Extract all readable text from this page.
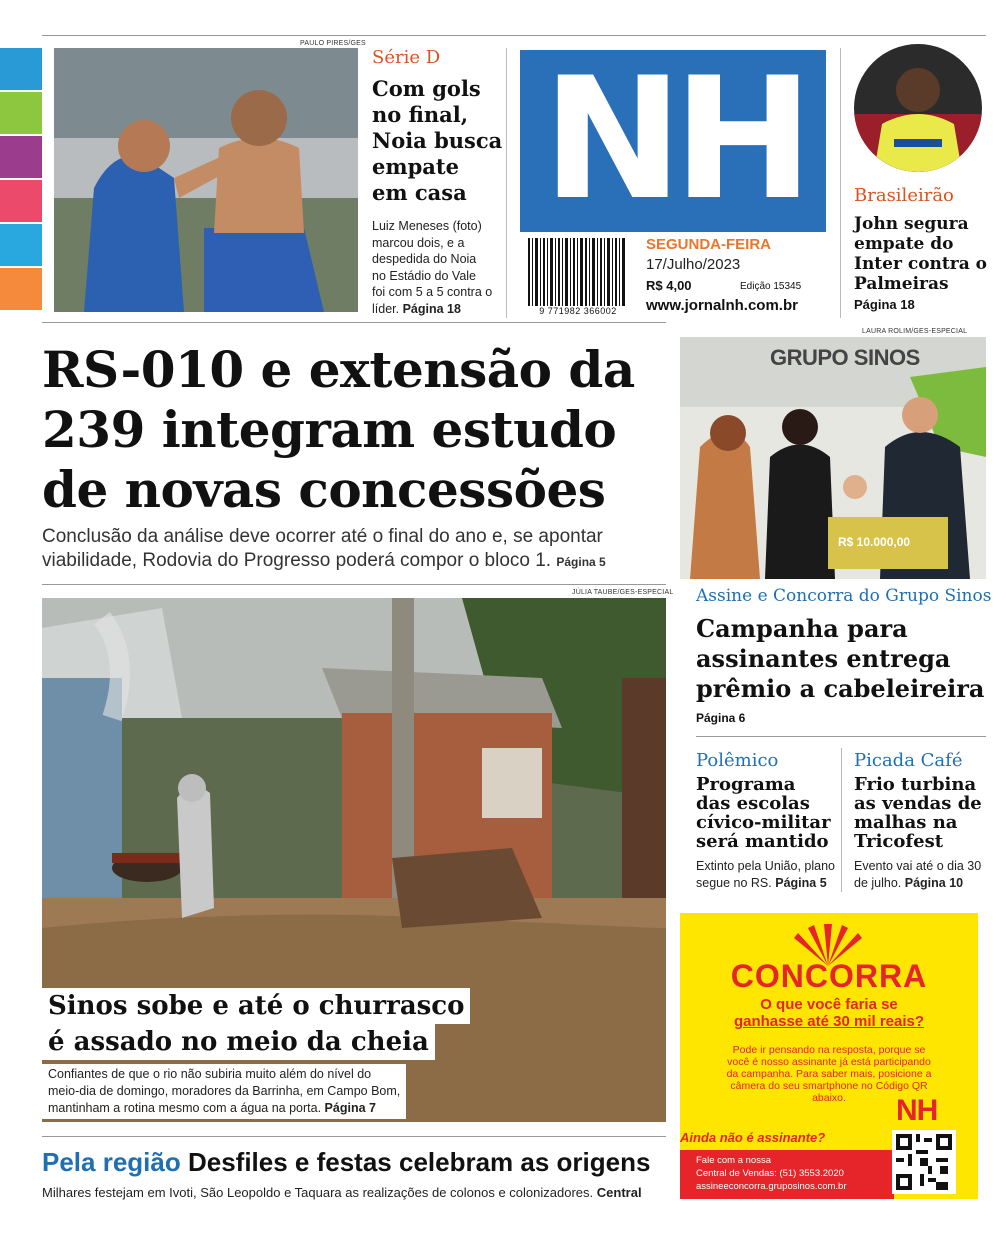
PAULO PIRES/GES
Série D
Com gols
no final,
Noia busca
empate
em casa
Luiz Meneses (foto)
marcou dois, e a
despedida do Noia
no Estádio do Vale
foi com 5 a 5 contra o
líder. Página 18
NH
9 771982 366002
SEGUNDA-FEIRA
17/Julho/2023
R$ 4,00	Edição 15345
www.jornalnh.com.br
Brasileirão
John segura
empate do
Inter contra o
Palmeiras
Página 18
RS-010 e extensão da
239 integram estudo
de novas concessões
Conclusão da análise deve ocorrer até o final do ano e, se apontar
viabilidade, Rodovia do Progresso poderá compor o bloco 1. Página 5
JÚLIA TAUBE/GES-ESPECIAL
Sinos sobe e até o churrasco
é assado no meio da cheia
Confiantes de que o rio não subiria muito além do nível do
meio-dia de domingo, moradores da Barrinha, em Campo Bom,
mantinham a rotina mesmo com a água na porta. Página 7
Pela região Desfiles e festas celebram as origens
Milhares festejam em Ivoti, São Leopoldo e Taquara as realizações de colonos e colonizadores. Central
LAURA ROLIM/GES-ESPECIAL
GRUPO SINOS
R$ 10.000,00
Assine e Concorra do Grupo Sinos
Campanha para
assinantes entrega
prêmio a cabeleireira
Página 6
Polêmico
Programa
das escolas
cívico-militar
será mantido
Extinto pela União, plano
segue no RS. Página 5
Picada Café
Frio turbina
as vendas de
malhas na
Tricofest
Evento vai até o dia 30
de julho. Página 10
CONCORRA
O que você faria se
ganhasse até 30 mil reais?
Pode ir pensando na resposta, porque se
você é nosso assinante já está participando
da campanha. Para saber mais, posicione a
câmera do seu smartphone no Código QR
abaixo.	NH
Ainda não é assinante?
Fale com a nossa
Central de Vendas: (51) 3553.2020
assineeconcorra.gruposinos.com.br
